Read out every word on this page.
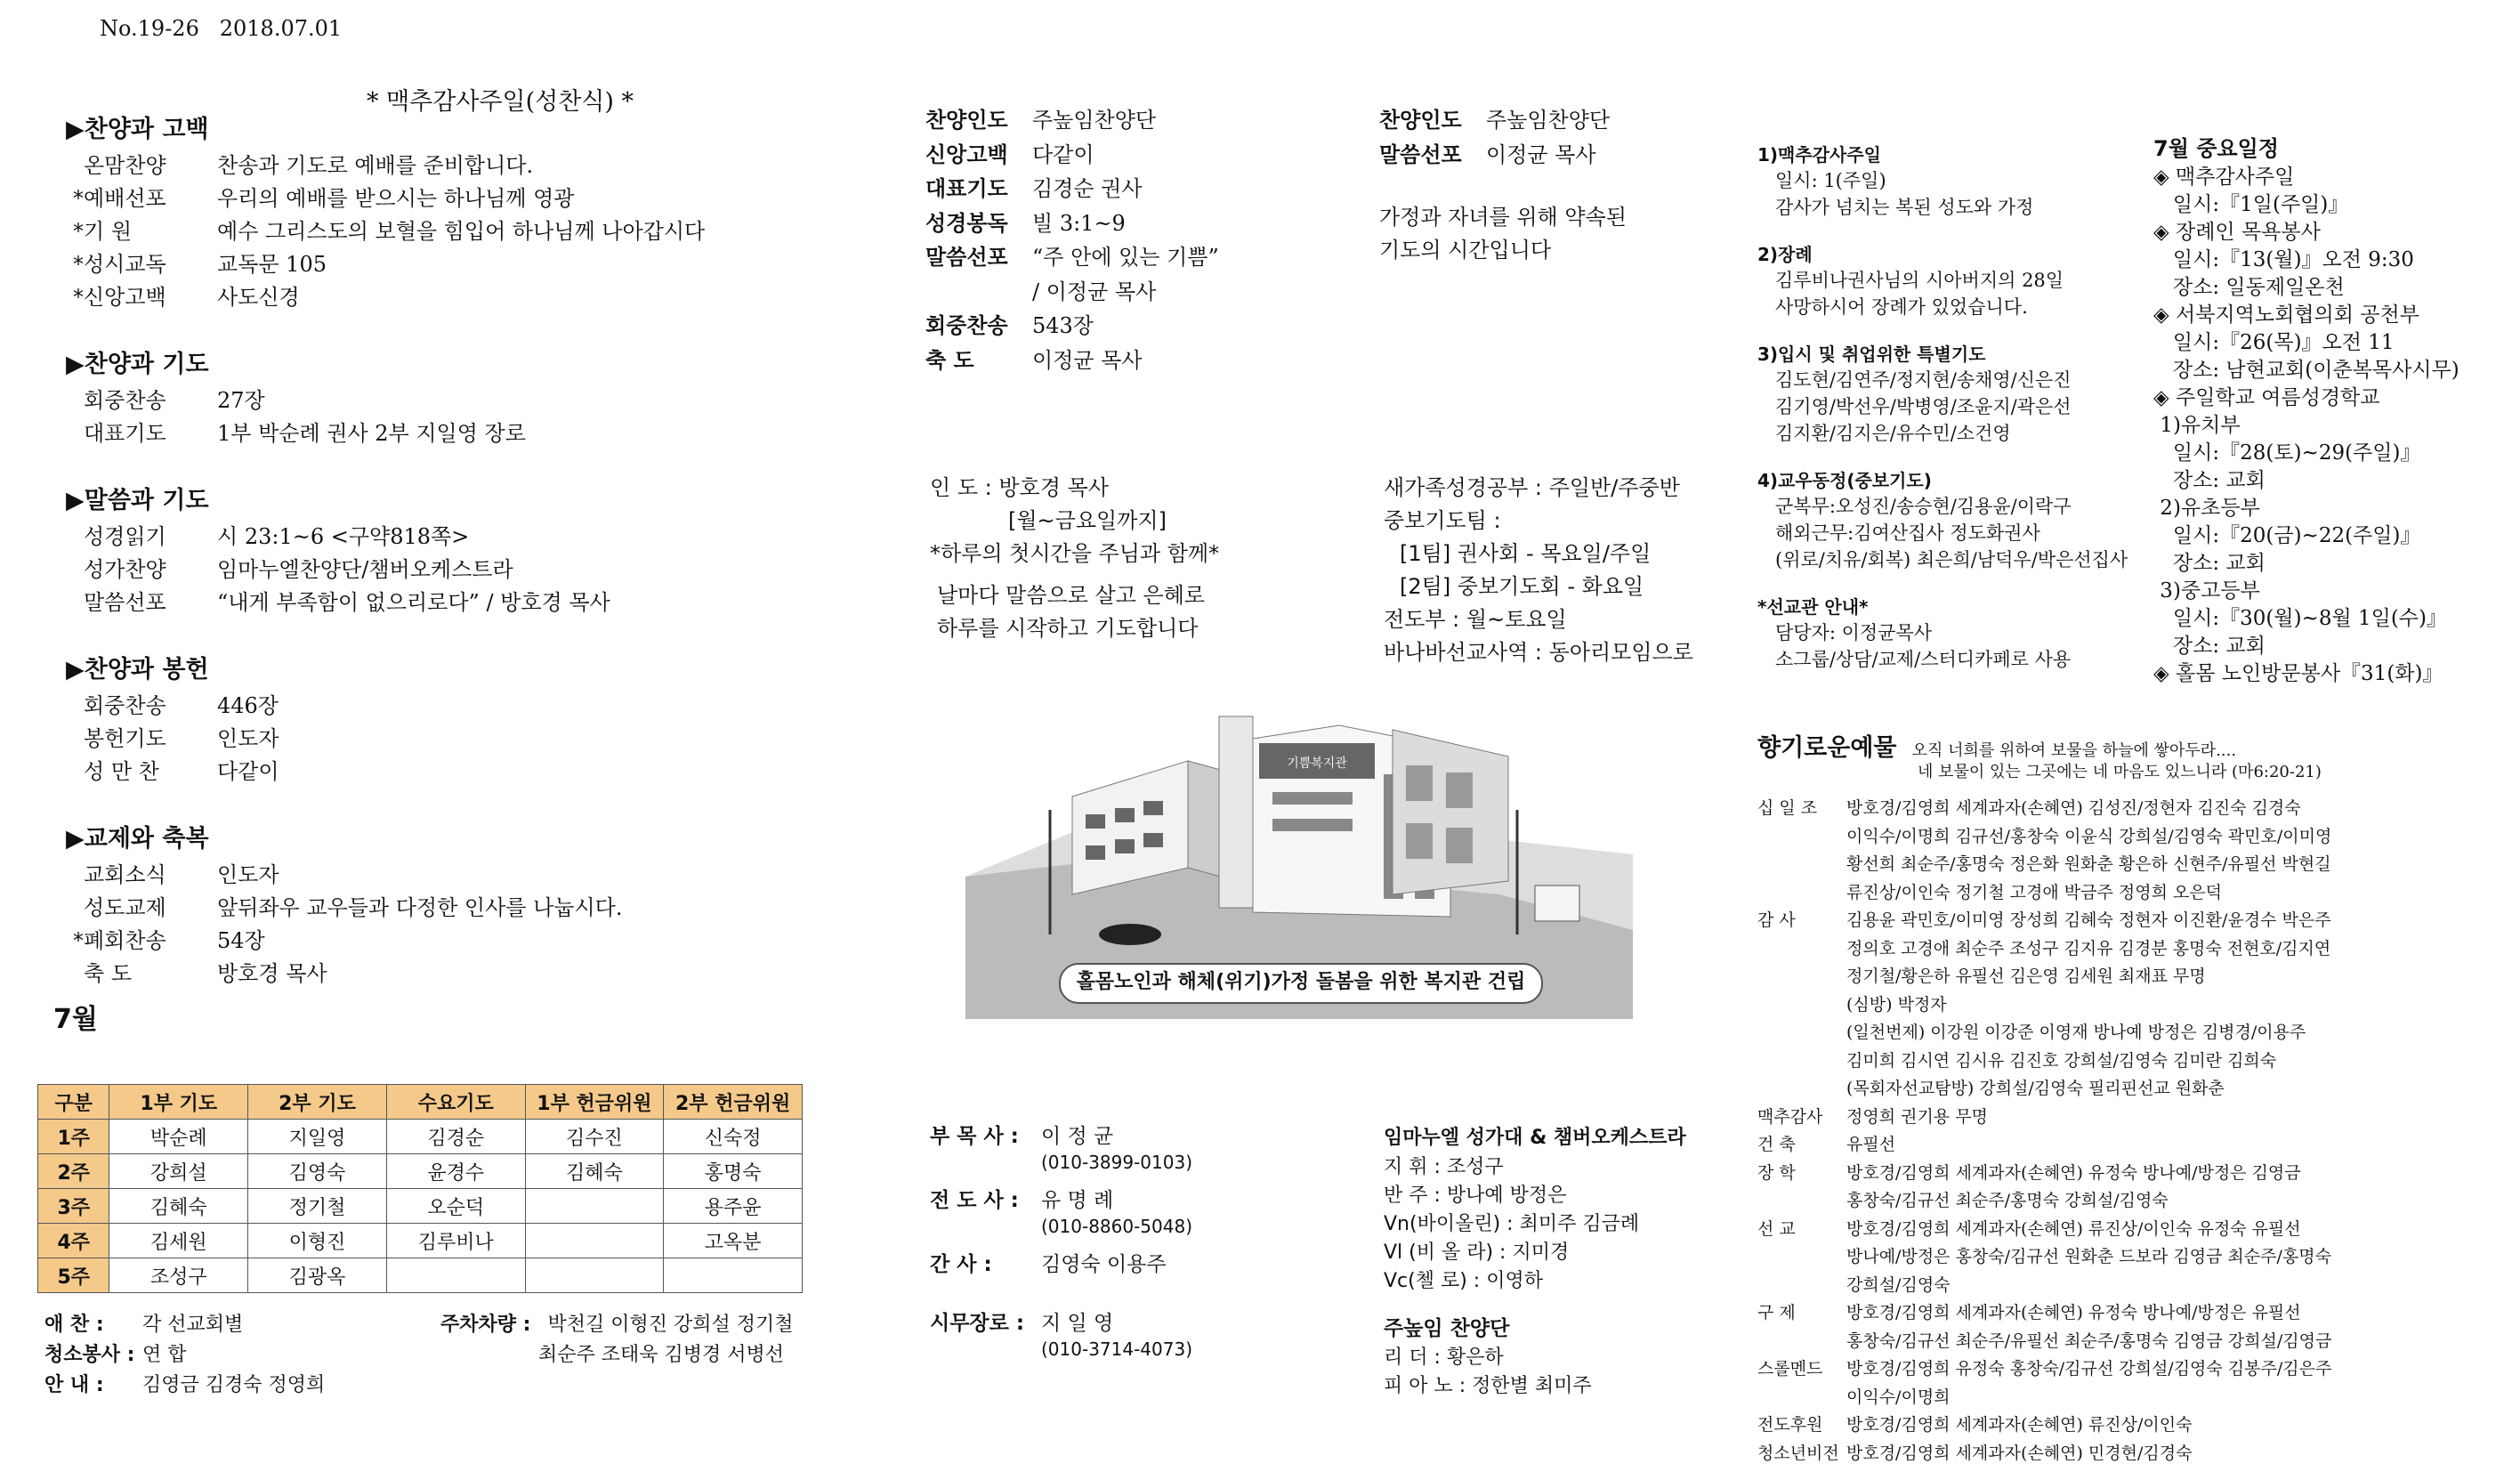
No.19-26 2018.07.01
* 맥추감사주일(성찬식) *
▶찬양과 고백
온맘찬양	찬송과 기도로 예배를 준비합니다.
*예배선포	우리의 예배를 받으시는 하나님께 영광
*기 원	예수 그리스도의 보혈을 힘입어 하나님께 나아갑시다
*성시교독	교독문 105
*신앙고백	사도신경
▶찬양과 기도
회중찬송	27장
대표기도	1부 박순례 권사 2부 지일영 장로
▶말씀과 기도
성경읽기	시 23:1~6 <구약818쪽>
성가찬양	임마누엘찬양단/챔버오케스트라
말씀선포	“내게 부족함이 없으리로다” / 방호경 목사
▶찬양과 봉헌
회중찬송	446장
봉헌기도	인도자
성 만 찬	다같이
▶교제와 축복
교회소식	인도자
성도교제	앞뒤좌우 교우들과 다정한 인사를 나눕시다.
*폐회찬송	54장
축 도	방호경 목사
7월
구분	1부 기도	2부 기도	수요기도	1부 헌금위원	2부 헌금위원
1주	박순례	지일영	김경순	김수진	신숙정
2주	강희설	김영숙	윤경수	김혜숙	홍명숙
3주	김혜숙	정기철	오순덕		용주윤
4주	김세원	이형진	김루비나		고옥분
5주	조성구	김광옥			
애 찬 : 각 선교회별
청소봉사 : 연 합
안 내 : 김영금 김경숙 정영희
주차차량 : 박천길 이형진 강희설 정기철
최순주 조태욱 김병경 서병선
찬양인도	주높임찬양단
신앙고백	다같이
대표기도	김경순 권사
성경봉독	빌 3:1~9
말씀선포	“주 안에 있는 기쁨”
/ 이정균 목사
회중찬송	543장
축 도	이정균 목사
찬양인도	주높임찬양단
말씀선포	이정균 목사
가정과 자녀를 위해 약속된
기도의 시간입니다
인 도 : 방호경 목사
[월~금요일까지]
*하루의 첫시간을 주님과 함께*
날마다 말씀으로 살고 은혜로
하루를 시작하고 기도합니다
새가족성경공부 : 주일반/주중반
중보기도팀 :
[1팀] 권사회 - 목요일/주일
[2팀] 중보기도회 - 화요일
전도부 : 월~토요일
바나바선교사역 : 동아리모임으로
기쁨복지관
홀몸노인과 해체(위기)가정 돌봄을 위한 복지관 건립
부 목 사 : 이 정 균
(010-3899-0103)
전 도 사 : 유 명 례
(010-8860-5048)
간 사 : 김영숙 이용주
시무장로 : 지 일 영
(010-3714-4073)
임마누엘 성가대 & 챔버오케스트라
지 휘 : 조성구
반 주 : 방나예 방정은
Vn(바이올린) : 최미주 김금례
Vl (비 올 라) : 지미경
Vc(첼 로) : 이영하
주높임 찬양단
리 더 : 황은하
피 아 노 : 정한별 최미주
1)맥추감사주일
일시: 1(주일)
감사가 넘치는 복된 성도와 가정
2)장례
김루비나권사님의 시아버지의 28일
사망하시어 장례가 있었습니다.
3)입시 및 취업위한 특별기도
김도현/김연주/정지현/송채영/신은진
김기영/박선우/박병영/조윤지/곽은선
김지환/김지은/유수민/소건영
4)교우동정(중보기도)
군복무:오성진/송승현/김용윤/이락구
해외근무:김여산집사 정도화권사
(위로/치유/회복) 최은희/남덕우/박은선집사
*선교관 안내*
담당자: 이정균목사
소그룹/상담/교제/스터디카페로 사용
7월 중요일정
◈ 맥추감사주일
일시:『1일(주일)』
◈ 장례인 목욕봉사
일시:『13(월)』오전 9:30
장소: 일동제일온천
◈ 서북지역노회협의회 공천부
일시:『26(목)』오전 11
장소: 남현교회(이춘복목사시무)
◈ 주일학교 여름성경학교
1)유치부
일시:『28(토)~29(주일)』
장소: 교회
2)유초등부
일시:『20(금)~22(주일)』
장소: 교회
3)중고등부
일시:『30(월)~8월 1일(수)』
장소: 교회
◈ 홀몸 노인방문봉사『31(화)』
향기로운예물 오직 너희를 위하여 보물을 하늘에 쌓아두라....
네 보물이 있는 그곳에는 네 마음도 있느니라 (마6:20-21)
십 일 조 방호경/김영희 세계과자(손혜연) 김성진/정현자 김진숙 김경숙
이익수/이명희 김규선/홍창숙 이윤식 강희설/김영숙 곽민호/이미영
황선희 최순주/홍명숙 정은화 원화춘 황은하 신현주/유필선 박현길
류진상/이인숙 정기철 고경애 박금주 정영희 오은덕
감 사	김용윤 곽민호/이미영 장성희 김혜숙 정현자 이진환/윤경수 박은주
정의호 고경애 최순주 조성구 김지유 김경분 홍명숙 전현호/김지연
정기철/황은하 유필선 김은영 김세원 최재표 무명
(심방) 박정자
(일천번제) 이강원 이강준 이영재 방나예 방정은 김병경/이용주
김미희 김시연 김시유 김진호 강희설/김영숙 김미란 김희숙
(목회자선교탐방) 강희설/김영숙 필리핀선교 원화춘
맥추감사 정영희 권기용 무명
건 축	유필선
장 학	방호경/김영희 세계과자(손혜연) 유정숙 방나예/방정은 김영금
홍창숙/김규선 최순주/홍명숙 강희설/김영숙
선 교	방호경/김영희 세계과자(손혜연) 류진상/이인숙 유정숙 유필선
방나예/방정은 홍창숙/김규선 원화춘 드보라 김영금 최순주/홍명숙
강희설/김영숙
구 제	방호경/김영희 세계과자(손혜연) 유정숙 방나예/방정은 유필선
홍창숙/김규선 최순주/유필선 최순주/홍명숙 김영금 강희설/김영금
스롤멘드 방호경/김영희 유정숙 홍창숙/김규선 강희설/김영숙 김봉주/김은주
이익수/이명희
전도후원 방호경/김영희 세계과자(손혜연) 류진상/이인숙
청소년비전 방호경/김영희 세계과자(손혜연) 민경현/김경숙
